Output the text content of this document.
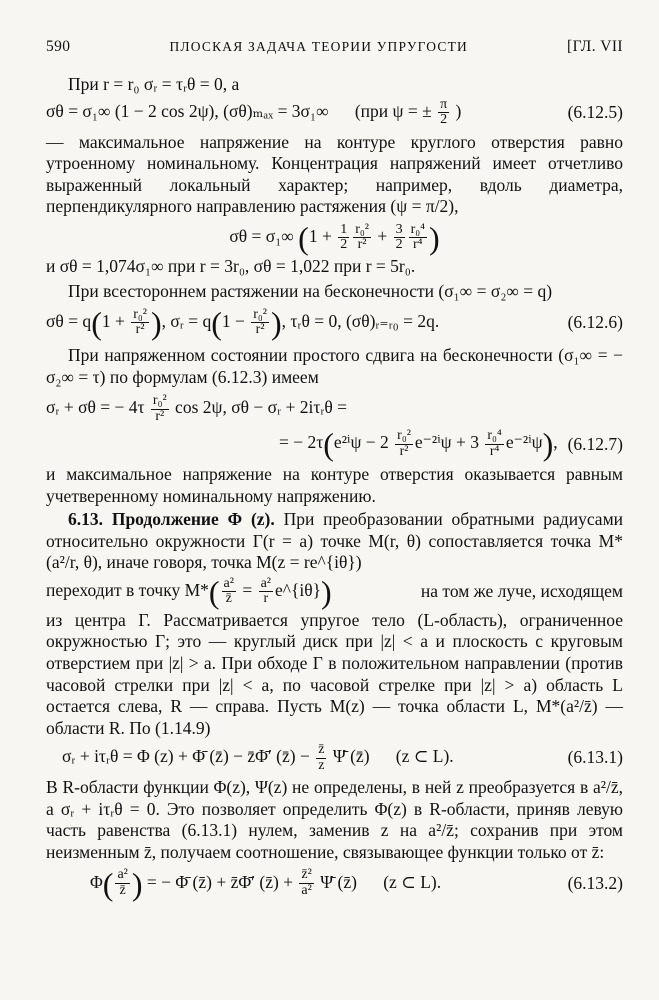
590	ПЛОСКАЯ ЗАДАЧА ТЕОРИИ УПРУГОСТИ	[ГЛ. VII

При r = r₀ σᵣ = τᵣθ = 0, а

σθ = σ₁∞ (1 − 2 cos 2ψ), (σθ)ₘₐₓ = 3σ₁∞ (при ψ = ± $\frac{\pi}{2}$ )	(6.12.5)

— максимальное напряжение на контуре круглого отверстия равно утроенному номинальному. Концентрация напряжений имеет отчетливо выраженный локальный характер; например, вдоль диаметра, перпендикулярного направлению растяжения (ψ = π/2),

σθ = σ₁∞ ($1 + \frac{1}{2} \frac{\text{r₀²}}{\text{r²}} + \frac{3}{2} \frac{\text{r₀⁴}}{\text{r⁴}}$ )

и σθ = 1,074σ₁∞ при r = 3r₀, σθ = 1,022 при r = 5r₀.

При всестороннем растяжении на бесконечности (σ₁∞ = σ₂∞ = q)

$\sigma\theta = q(1 + \frac{\text{r₀²}}{\text{r²}}$ ), σᵣ = $q(1 - \frac{\text{r₀²}}{\text{r²}}$ ), τᵣθ = 0, (σθ)ᵣ₌ᵣ₀ = 2q.	(6.12.6)

При напряженном состоянии простого сдвига на бесконечности (σ₁∞ = − σ₂∞ = τ) по формулам (6.12.3) имеем

σᵣ + σθ = − $4\tau \frac{\text{r₀²}}{\text{r²}}$ cos 2ψ, σθ − σᵣ + 2iτᵣθ =
= − $2\tau(e^{2i}\psi - 2 \frac{\text{r₀²}}{\text{r²}} e^{-2i}\psi + 3 \frac{\text{r₀⁴}}{\text{r⁴}} e^{-2i}\psi)$, (6.12.7)

и максимальное напряжение на контуре отверстия оказывается равным учетверенному номинальному напряжению.

6.13. Продолжение Φ (z). При преобразовании обратными радиусами относительно окружности Γ(r = a) точке M(r, θ) сопоставляется точка M*(a²/r, θ), иначе говоря, точка M(z = re^{iθ})

переходит в точку $M*( \frac{\text{a²}}{z̄} = \frac{\text{a²}}{r}$ e^{iθ})	на том же луче, исходящем

из центра Γ. Рассматривается упругое тело (L-область), ограниченное окружностью Γ; это — круглый диск при |z| < a и плоскость с круговым отверстием при |z| > a. При обходе Γ в положительном направлении (против часовой стрелки при |z| < a, по часовой стрелке при |z| > a) область L остается слева, R — справа. Пусть M(z) — точка области L, M*(a²/z̄) — области R. По (1.14.9)

σᵣ + iτᵣθ = Φ (z) + Φ̄ (z̄) − z̄Φ̄′ (z̄) − $\frac{z̄}{z}$ Ψ̄ (z̄) (z ⊂ L).	(6.13.1)

В R-области функции Φ(z), Ψ(z) не определены, в ней z преобразуется в a²/z̄, а σᵣ + iτᵣθ = 0. Это позволяет определить Φ(z) в R-области, приняв левую часть равенства (6.13.1) нулем, заменив z на a²/z̄; сохранив при этом неизменным z̄, получаем соотношение, связывающее функции только от z̄:

$\Phi( \frac{\text{a²}}{z̄}$ ) = − Φ̄ (z̄) + z̄Φ̄′ (z̄) + $\frac{\text{z̄²}}{\text{a²}}$ Ψ̄ (z̄) (z ⊂ L).	(6.13.2)
